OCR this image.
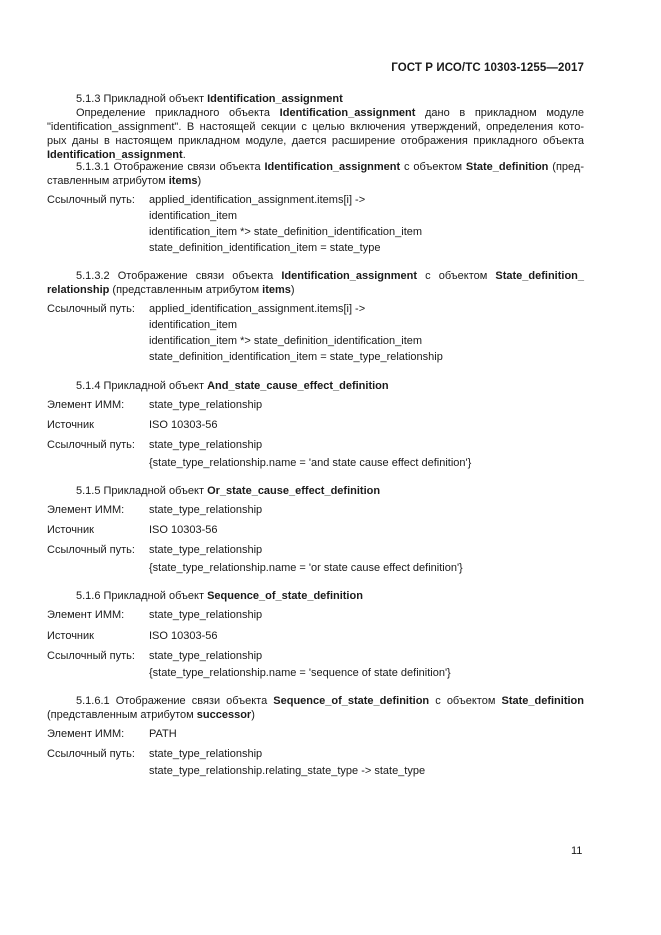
ГОСТ Р ИСО/ТС 10303-1255—2017
5.1.3 Прикладной объект Identification_assignment
Определение прикладного объекта Identification_assignment дано в прикладном модуле
"identification_assignment". В настоящей секции с целью включения утверждений, определения кото-
рых даны в настоящем прикладном модуле, дается расширение отображения прикладного объекта
Identification_assignment.
5.1.3.1 Отображение связи объекта Identification_assignment с объектом State_definition (пред-
ставленным атрибутом items)
Ссылочный путь: applied_identification_assignment.items[i] ->
identification_item
identification_item *> state_definition_identification_item
state_definition_identification_item = state_type
5.1.3.2 Отображение связи объекта Identification_assignment с объектом State_definition_
relationship (представленным атрибутом items)
Ссылочный путь: applied_identification_assignment.items[i] ->
identification_item
identification_item *> state_definition_identification_item
state_definition_identification_item = state_type_relationship
5.1.4 Прикладной объект And_state_cause_effect_definition
Элемент ИММ: state_type_relationship
Источник	ISO 10303-56
Ссылочный путь: state_type_relationship
{state_type_relationship.name = 'and state cause effect definition'}
5.1.5 Прикладной объект Or_state_cause_effect_definition
Элемент ИММ: state_type_relationship
Источник	ISO 10303-56
Ссылочный путь: state_type_relationship
{state_type_relationship.name = 'or state cause effect definition'}
5.1.6 Прикладной объект Sequence_of_state_definition
Элемент ИММ: state_type_relationship
Источник	ISO 10303-56
Ссылочный путь: state_type_relationship
{state_type_relationship.name = 'sequence of state definition'}
5.1.6.1 Отображение связи объекта Sequence_of_state_definition с объектом State_definition
(представленным атрибутом successor)
Элемент ИММ: PATH
Ссылочный путь: state_type_relationship
state_type_relationship.relating_state_type -> state_type
11
